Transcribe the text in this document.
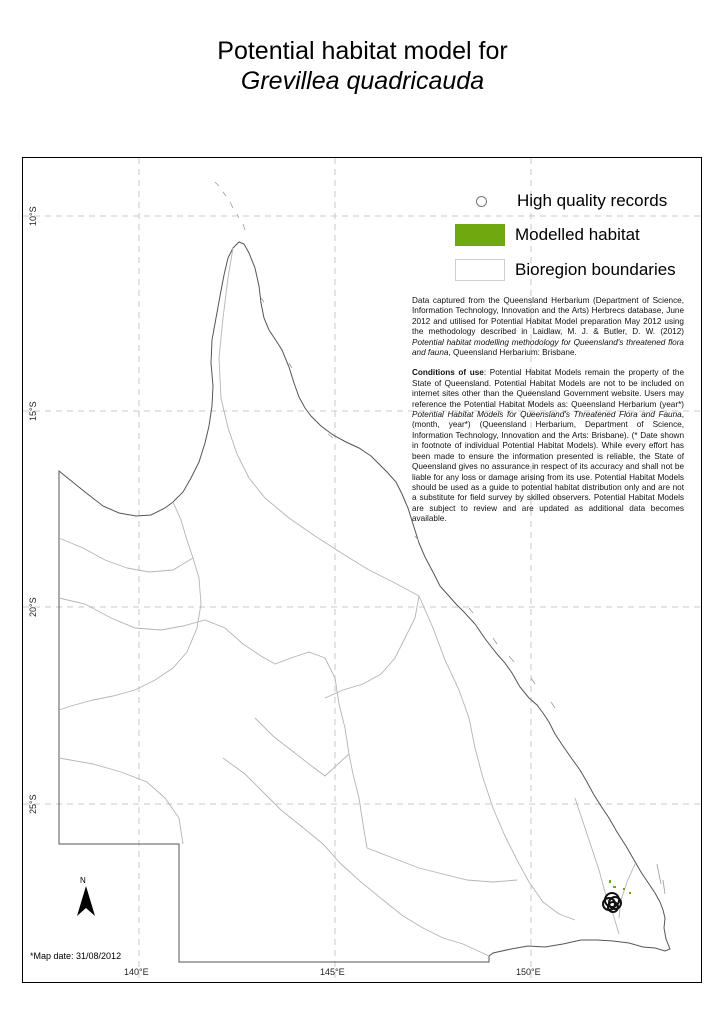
Potential habitat model for
Grevillea quadricauda
10°S
15°S
20°S
25°S
140°E	145°E	150°E
High quality records
Modelled habitat
Bioregion boundaries

Data captured from the Queensland Herbarium (Department of Science, Information Technology, Innovation and the Arts) Herbrecs database, June 2012 and utilised for Potential Habitat Model preparation May 2012 using the methodology described in Laidlaw, M. J. & Butler, D. W. (2012) Potential habitat modelling methodology for Queensland's threatened flora and fauna, Queensland Herbarium: Brisbane.

Conditions of use: Potential Habitat Models remain the property of the State of Queensland. Potential Habitat Models are not to be included on internet sites other than the Queensland Government website. Users may reference the Potential Habitat Models as: Queensland Herbarium (year*) Potential Habitat Models for Queensland's Threatened Flora and Fauna, (month, year*) (Queensland Herbarium, Department of Science, Information Technology, Innovation and the Arts: Brisbane). (* Date shown in footnote of individual Potential Habitat Models). While every effort has been made to ensure the information presented is reliable, the State of Queensland gives no assurance in respect of its accuracy and shall not be liable for any loss or damage arising from its use. Potential Habitat Models should be used as a guide to potential habitat distribution only and are not a substitute for field survey by skilled observers. Potential Habitat Models are subject to review and are updated as additional data becomes available.

N
*Map date: 31/08/2012
